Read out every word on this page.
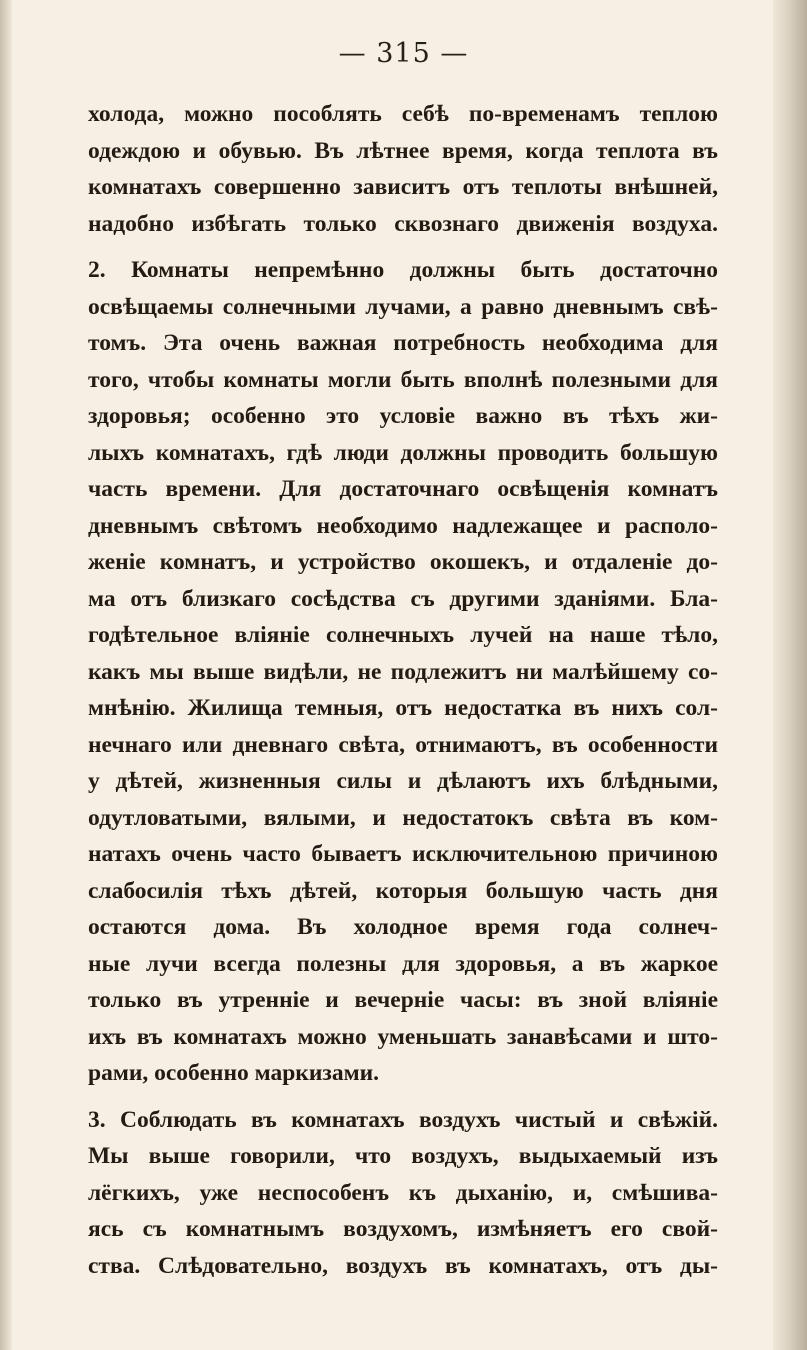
— 315 —
холода, можно пособлять себѣ по-временамъ теплою
одеждою и обувью. Въ лѣтнее время, когда теплота въ
комнатахъ совершенно зависитъ отъ теплоты внѣшней,
надобно избѣгать только сквознаго движенія воздуха.
2. Комнаты непремѣнно должны быть достаточно
освѣщаемы солнечными лучами, а равно дневнымъ свѣ-
томъ. Эта очень важная потребность необходима для
того, чтобы комнаты могли быть вполнѣ полезными для
здоровья; особенно это условіе важно въ тѣхъ жи-
лыхъ комнатахъ, гдѣ люди должны проводить большую
часть времени. Для достаточнаго освѣщенія комнатъ
дневнымъ свѣтомъ необходимо надлежащее и располо-
женіе комнатъ, и устройство окошекъ, и отдаленіе до-
ма отъ близкаго сосѣдства съ другими зданіями. Бла-
годѣтельное вліяніе солнечныхъ лучей на наше тѣло,
какъ мы выше видѣли, не подлежитъ ни малѣйшему со-
мнѣнію. Жилища темныя, отъ недостатка въ нихъ сол-
нечнаго или дневнаго свѣта, отнимаютъ, въ особенности
у дѣтей, жизненныя силы и дѣлаютъ ихъ блѣдными,
одутловатыми, вялыми, и недостатокъ свѣта въ ком-
натахъ очень часто бываетъ исключительною причиною
слабосилія тѣхъ дѣтей, которыя большую часть дня
остаются дома. Въ холодное время года солнеч-
ные лучи всегда полезны для здоровья, а въ жаркое
только въ утренніе и вечерніе часы: въ зной вліяніе
ихъ въ комнатахъ можно уменьшать занавѣсами и што-
рами, особенно маркизами.
3. Соблюдать въ комнатахъ воздухъ чистый и свѣжій.
Мы выше говорили, что воздухъ, выдыхаемый изъ
лёгкихъ, уже неспособенъ къ дыханію, и, смѣшива-
ясь съ комнатнымъ воздухомъ, измѣняетъ его свой-
ства. Слѣдовательно, воздухъ въ комнатахъ, отъ ды-
